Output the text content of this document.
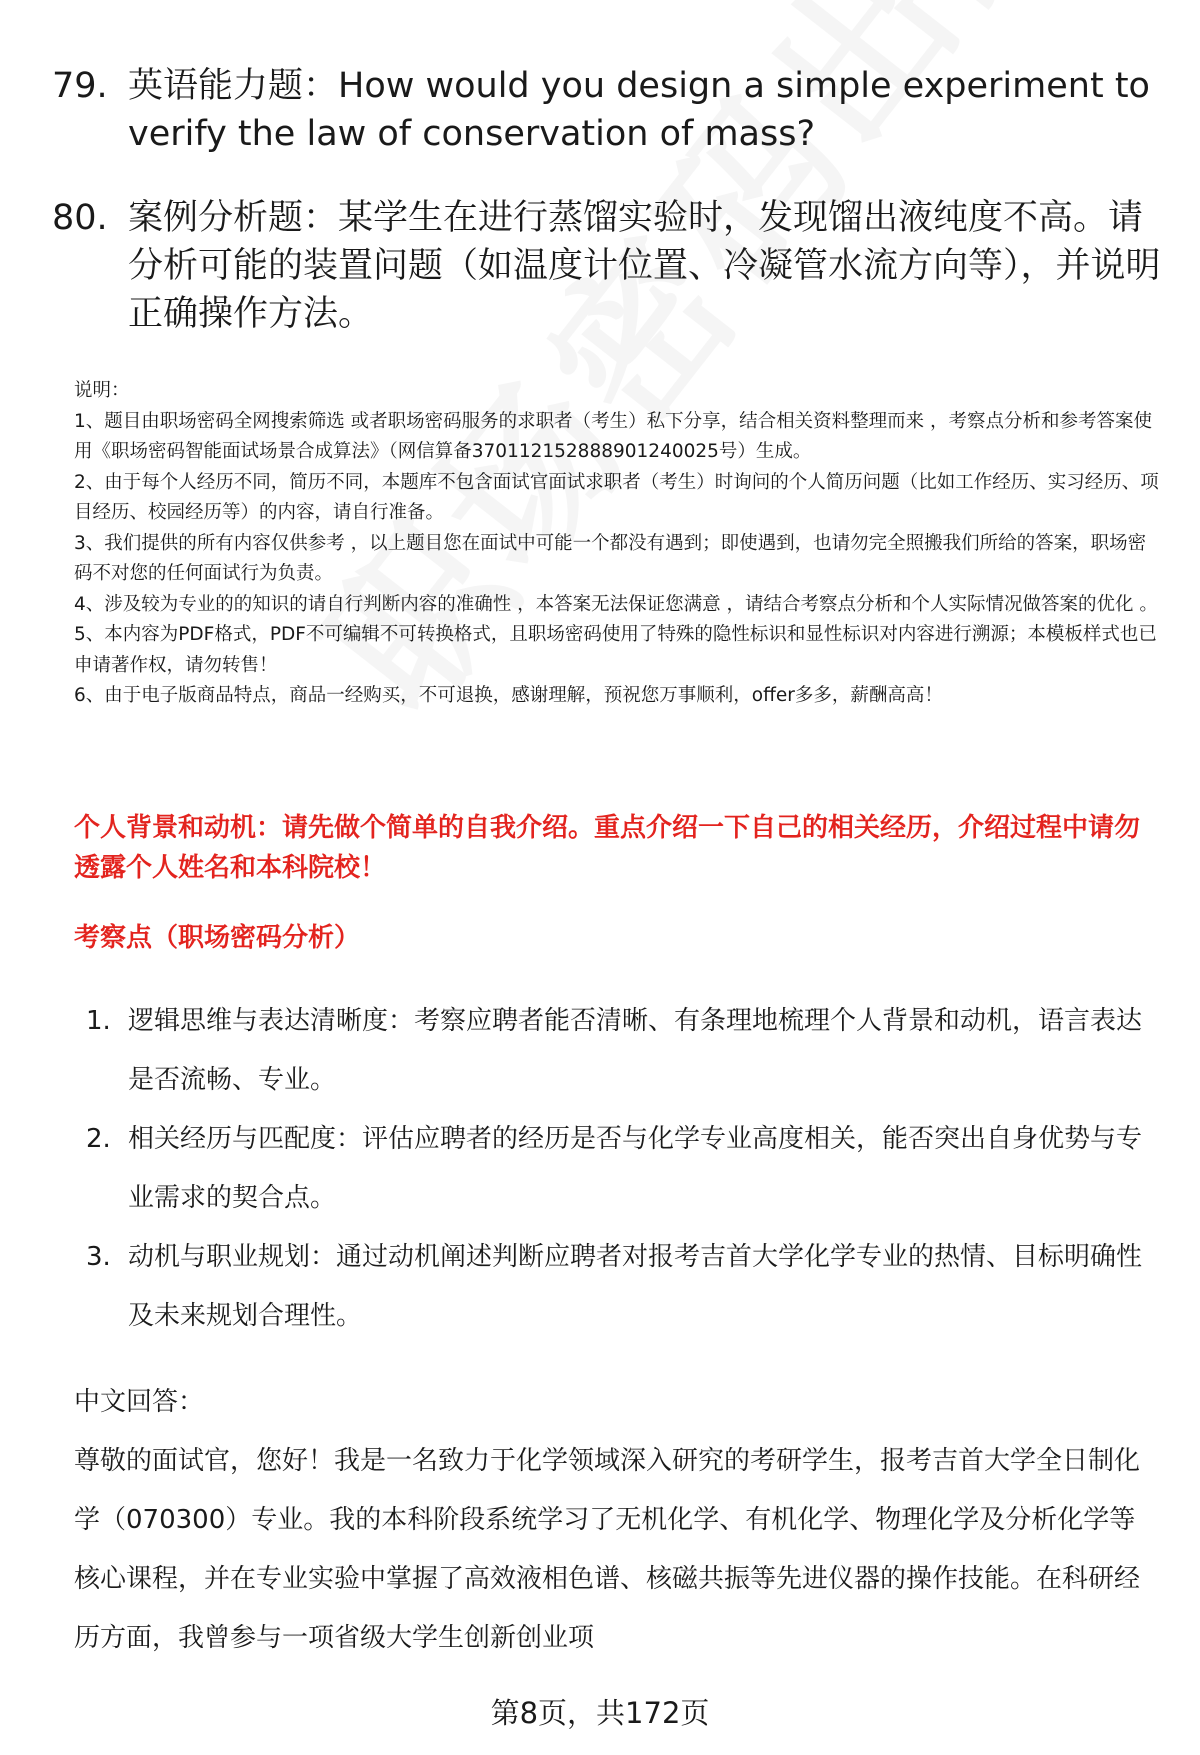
79. 英语能力题：How would you design a simple experiment to verify the law of conservation of mass?
80. 案例分析题：某学生在进行蒸馏实验时，发现馏出液纯度不高。请分析可能的装置问题（如温度计位置、冷凝管水流方向等），并说明正确操作方法。

说明：

1、题目由职场密码全网搜索筛选 或者职场密码服务的求职者（考生）私下分享，结合相关资料整理而来 ，考察点分析和参考答案使用《职场密码智能面试场景合成算法》（网信算备370112152888901240025号）生成。

2、由于每个人经历不同，简历不同，本题库不包含面试官面试求职者（考生）时询问的个人简历问题（比如工作经历、实习经历、项目经历、校园经历等）的内容，请自行准备。

3、我们提供的所有内容仅供参考 ，以上题目您在面试中可能一个都没有遇到；即使遇到，也请勿完全照搬我们所给的答案，职场密码不对您的任何面试行为负责。

4、涉及较为专业的的知识的请自行判断内容的准确性 ，本答案无法保证您满意 ，请结合考察点分析和个人实际情况做答案的优化 。

5、本内容为PDF格式，PDF不可编辑不可转换格式，且职场密码使用了特殊的隐性标识和显性标识对内容进行溯源；本模板样式也已申请著作权，请勿转售！

6、由于电子版商品特点，商品一经购买，不可退换，感谢理解，预祝您万事顺利，offer多多，薪酬高高！

个人背景和动机：请先做个简单的自我介绍。重点介绍一下自己的相关经历，介绍过程中请勿透露个人姓名和本科院校！
考察点（职场密码分析）
1. 逻辑思维与表达清晰度：考察应聘者能否清晰、有条理地梳理个人背景和动机，语言表达是否流畅、专业。
2. 相关经历与匹配度：评估应聘者的经历是否与化学专业高度相关，能否突出自身优势与专业需求的契合点。
3. 动机与职业规划：通过动机阐述判断应聘者对报考吉首大学化学专业的热情、目标明确性及未来规划合理性。
中文回答：

尊敬的面试官，您好！我是一名致力于化学领域深入研究的考研学生，报考吉首大学全日制化学（070300）专业。我的本科阶段系统学习了无机化学、有机化学、物理化学及分析化学等核心课程，并在专业实验中掌握了高效液相色谱、核磁共振等先进仪器的操作技能。在科研经历方面，我曾参与一项省级大学生创新创业项

第8页，共172页
